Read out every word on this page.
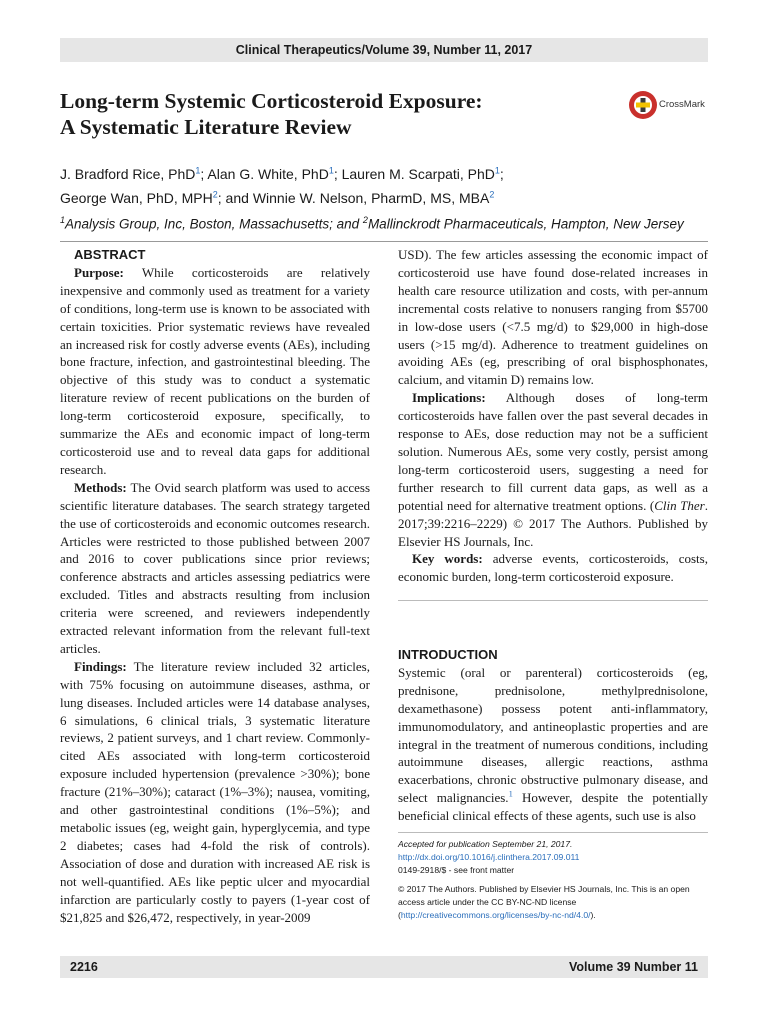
Clinical Therapeutics/Volume 39, Number 11, 2017
Long-term Systemic Corticosteroid Exposure:
A Systematic Literature Review
CrossMark
J. Bradford Rice, PhD$^1$; Alan G. White, PhD$^1$; Lauren M. Scarpati, PhD$^1$;
George Wan, PhD, MPH$^2$; and Winnie W. Nelson, PharmD, MS, MBA$^2$
$^1$Analysis Group, Inc, Boston, Massachusetts; and $^2$Mallinckrodt Pharmaceuticals, Hampton, New Jersey

ABSTRACT

Purpose: While corticosteroids are relatively inexpensive and commonly used as treatment for a variety of conditions, long-term use is known to be associated with certain toxicities. Prior systematic reviews have revealed an increased risk for costly adverse events (AEs), including bone fracture, infection, and gastrointestinal bleeding. The objective of this study was to conduct a systematic literature review of recent publications on the burden of long-term corticosteroid exposure, specifically, to summarize the AEs and economic impact of long-term corticosteroid use and to reveal data gaps for additional research.

Methods: The Ovid search platform was used to access scientific literature databases. The search strategy targeted the use of corticosteroids and economic outcomes research. Articles were restricted to those published between 2007 and 2016 to cover publications since prior reviews; conference abstracts and articles assessing pediatrics were excluded. Titles and abstracts resulting from inclusion criteria were screened, and reviewers independently extracted relevant information from the relevant full-text articles.

Findings: The literature review included 32 articles, with 75% focusing on autoimmune diseases, asthma, or lung diseases. Included articles were 14 database analyses, 6 simulations, 6 clinical trials, 3 systematic literature reviews, 2 patient surveys, and 1 chart review. Commonly-cited AEs associated with long-term corticosteroid exposure included hypertension (prevalence >30%); bone fracture (21%–30%); cataract (1%–3%); nausea, vomiting, and other gastrointestinal conditions (1%–5%); and metabolic issues (eg, weight gain, hyperglycemia, and type 2 diabetes; cases had 4-fold the risk of controls). Association of dose and duration with increased AE risk is not well-quantified. AEs like peptic ulcer and myocardial infarction are particularly costly to payers (1-year cost of $21,825 and $26,472, respectively, in year-2009

USD). The few articles assessing the economic impact of corticosteroid use have found dose-related increases in health care resource utilization and costs, with per-annum incremental costs relative to nonusers ranging from $5700 in low-dose users (<7.5 mg/d) to $29,000 in high-dose users (>15 mg/d). Adherence to treatment guidelines on avoiding AEs (eg, prescribing of oral bisphosphonates, calcium, and vitamin D) remains low.

Implications: Although doses of long-term corticosteroids have fallen over the past several decades in response to AEs, dose reduction may not be a sufficient solution. Numerous AEs, some very costly, persist among long-term corticosteroid users, suggesting a need for further research to fill current data gaps, as well as a potential need for alternative treatment options. (Clin Ther. 2017;39:2216–2229) © 2017 The Authors. Published by Elsevier HS Journals, Inc.

Key words: adverse events, corticosteroids, costs, economic burden, long-term corticosteroid exposure.

INTRODUCTION

Systemic (oral or parenteral) corticosteroids (eg, prednisone, prednisolone, methylprednisolone, dexamethasone) possess potent anti-inflammatory, immunomodulatory, and antineoplastic properties and are integral in the treatment of numerous conditions, including autoimmune diseases, allergic reactions, asthma exacerbations, chronic obstructive pulmonary disease, and select malignancies.$^1$ However, despite the potentially beneficial clinical effects of these agents, such use is also

Accepted for publication September 21, 2017.
http://dx.doi.org/10.1016/j.clinthera.2017.09.011
0149-2918/$ - see front matter
© 2017 The Authors. Published by Elsevier HS Journals, Inc. This is an open access article under the CC BY-NC-ND license (http://creativecommons.org/licenses/by-nc-nd/4.0/).
2216	Volume 39 Number 11
